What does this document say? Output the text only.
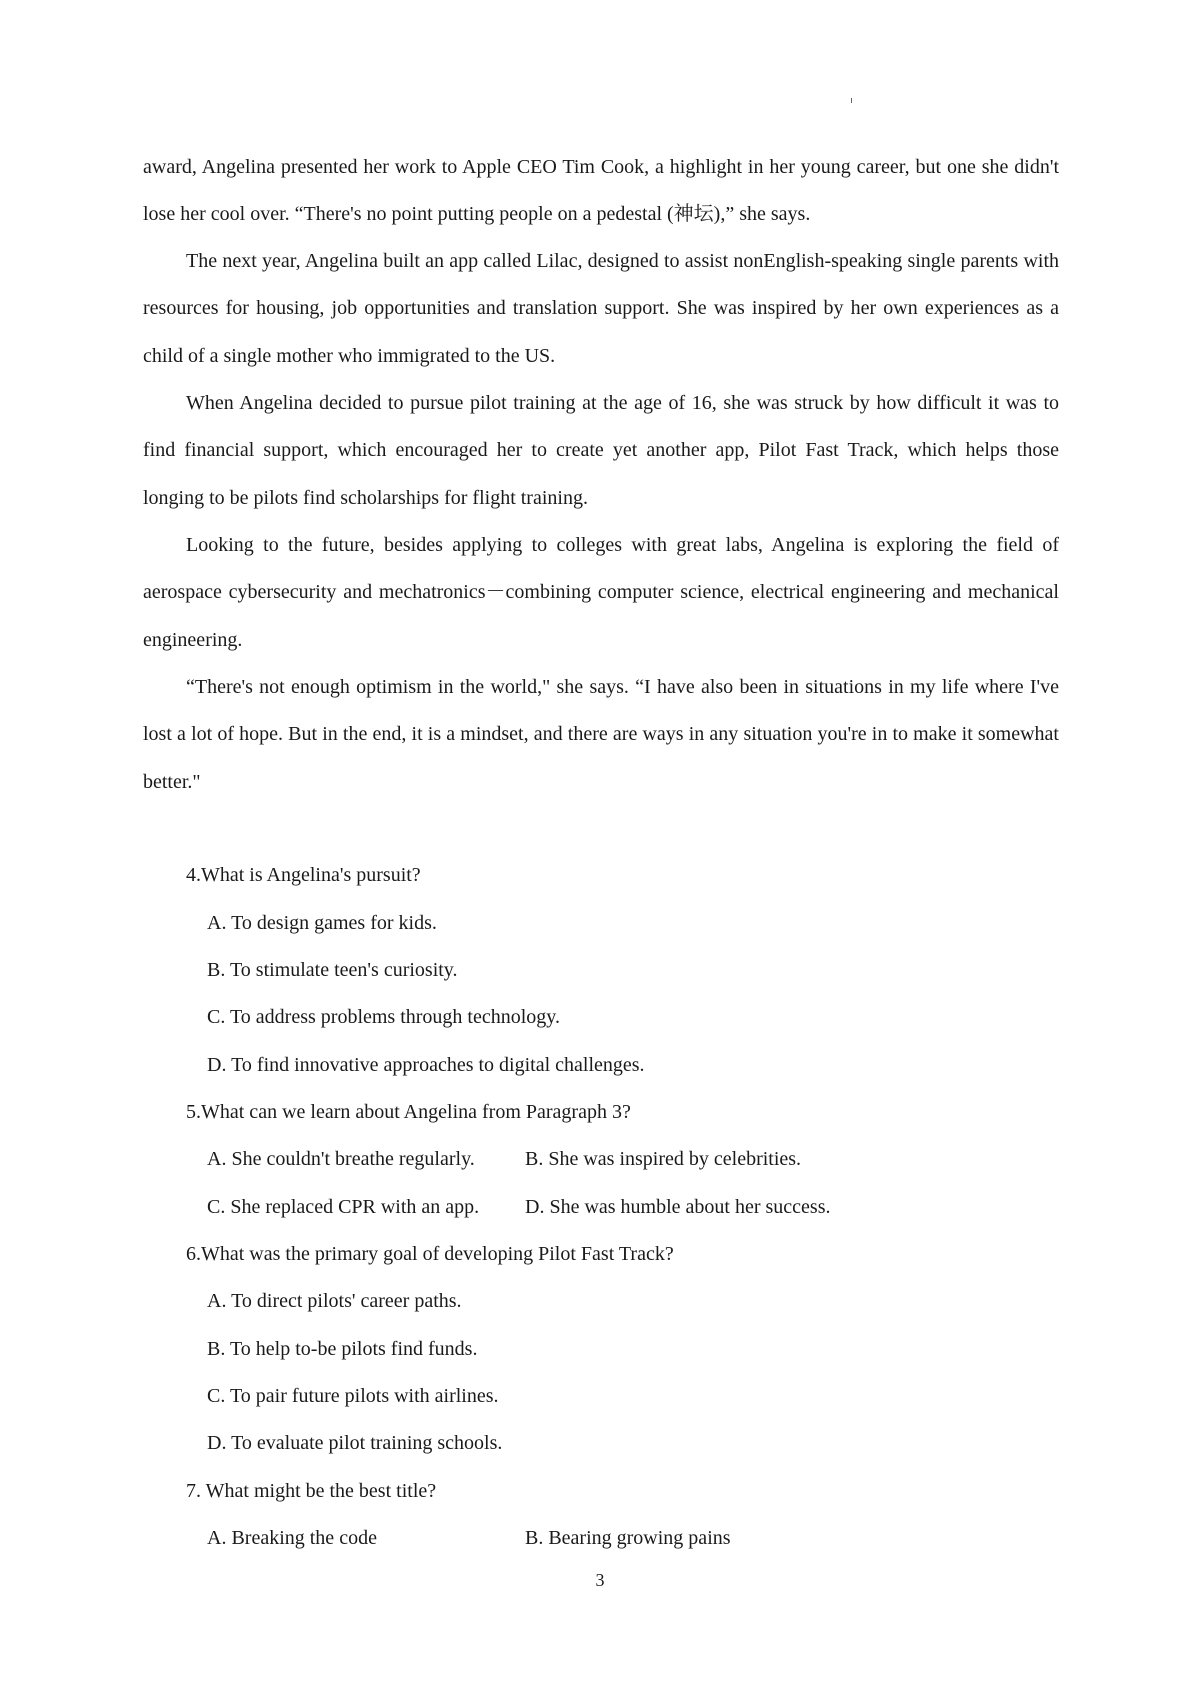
award, Angelina presented her work to Apple CEO Tim Cook, a highlight in her young career, but one she didn't lose her cool over. “There's no point putting people on a pedestal (神坛),” she says.

The next year, Angelina built an app called Lilac, designed to assist nonEnglish-speaking single parents with resources for housing, job opportunities and translation support. She was inspired by her own experiences as a child of a single mother who immigrated to the US.

When Angelina decided to pursue pilot training at the age of 16, she was struck by how difficult it was to find financial support, which encouraged her to create yet another app, Pilot Fast Track, which helps those longing to be pilots find scholarships for flight training.

Looking to the future, besides applying to colleges with great labs, Angelina is exploring the field of aerospace cybersecurity and mechatronics－combining computer science, electrical engineering and mechanical engineering.

“There's not enough optimism in the world," she says. “I have also been in situations in my life where I've lost a lot of hope. But in the end, it is a mindset, and there are ways in any situation you're in to make it somewhat better."

4.What is Angelina's pursuit?

A. To design games for kids.

B. To stimulate teen's curiosity.

C. To address problems through technology.

D. To find innovative approaches to digital challenges.

5.What can we learn about Angelina from Paragraph 3?

A. She couldn't breathe regularly.	B. She was inspired by celebrities.

C. She replaced CPR with an app. D. She was humble about her success.

6.What was the primary goal of developing Pilot Fast Track?

A. To direct pilots' career paths.

B. To help to-be pilots find funds.

C. To pair future pilots with airlines.

D. To evaluate pilot training schools.

7. What might be the best title?

A. Breaking the code	B. Bearing growing pains

3
